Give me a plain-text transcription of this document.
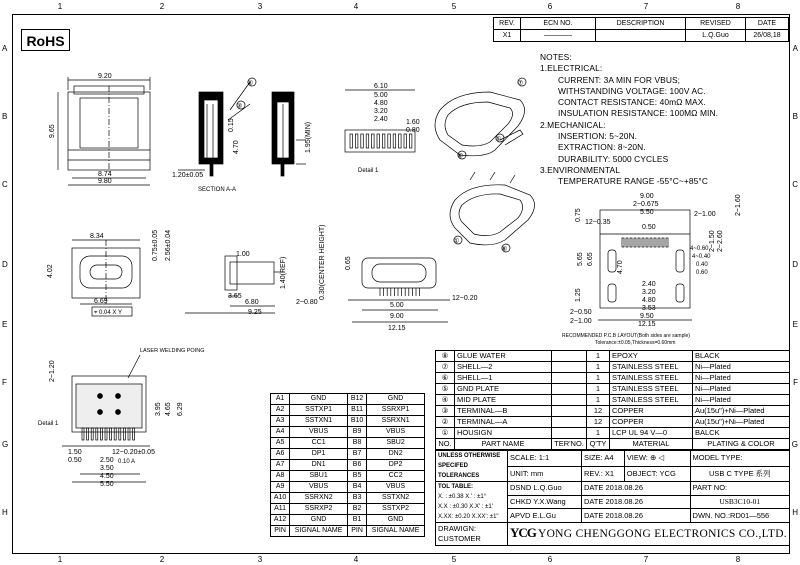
1	2	3	4	5	6	7	8
1	2	3	4	5	6	7	8
A
B
C
D
E
F
G
H
A
B
C
D
E
F
G
H
RoHS
REV.	ECN NO.	DESCRIPTION	REVISED	DATE
X1	————		L.Q.Guo	26/08,18
NOTES:
1.ELECTRICAL:
CURRENT: 3A MIN FOR VBUS;
WITHSTANDING VOLTAGE: 100V AC.
CONTACT RESISTANCE: 40mΩ MAX.
INSULATION RESISTANCE: 100MΩ MIN.
2.MECHANICAL:
INSERTION: 5~20N.
EXTRACTION: 8~20N.
DURABILITY: 5000 CYCLES
3.ENVIRONMENTAL
TEMPERATURE RANGE -55°C~+85°C
9.20
9.65
8.74
9.80
②
③
0.15
4.70
1.20±0.05
SECTION A-A
1.95(MIN)
6.10
5.00
4.80
3.20
2.40	1.60
0.80
Detail 1
⑦
⑤
⑥
①
⑧
8.34	0.75±0.05 2.56±0.04
4.02
6.69
⌖ 0.04 X Y
1.00
1.40(REF)	0.30(CENTER HEIGHT)
3.65
6.80
9.25
2~0.80
0.65
12~0.20
5.00
9.00
12.15
9.00
2~0.675
5.50
0.50
4~0.60
4~0.40
0.75
12~0.35
4.70
5.65 6.65
1.25
2~1.00	2~1.60
2~2.60
2~1.50
0.40
0.60
2.40
3.20
4.80
3.53
9.50
12.15
2~0.50
2~1.00
RECOMMENDED P.C.B LAYOUT(Both sides are sample)
Tolerance:±0.05,Thickness=0.60mm
LASER WELDING POING
2~1.20
3.95 4.65 6.29
1.50	12~0.20±0.05
2.50
3.50
4.50
5.50
0.10 A
0.50
Detail 1
A1	GND	B12	GND
A2	SSTXP1	B11	SSRXP1
A3	SSTXN1	B10	SSRXN1
A4	VBUS	B9	VBUS
A5	CC1	B8	SBU2
A6	DP1	B7	DN2
A7	DN1	B6	DP2
A8	SBU1	B5	CC2
A9	VBUS	B4	VBUS
A10	SSRXN2	B3	SSTXN2
A11	SSRXP2	B2	SSTXP2
A12	GND	B1	GND
PIN	SIGNAL NAME	PIN	SIGNAL NAME
⑧	GLUE WATER		1	EPOXY	BLACK
⑦	SHELL—2		1	STAINLESS STEEL	Ni—Plated
⑥	SHELL—1		1	STAINLESS STEEL	Ni—Plated
⑤	GND PLATE		1	STAINLESS STEEL	Ni—Plated
④	MID PLATE		1	STAINLESS STEEL	Ni—Plated
③	TERMINAL—B		12	COPPER	Au(15u")+Ni—Plated
②	TERMINAL—A		12	COPPER	Au(15u")+Ni—Plated
①	HOUSIGN		1	LCP UL 94 V—0	BALCK
NO.	PART NAME	TER'NO.	Q'TY	MATERIAL	PLATING & COLOR
UNLESS OTHERWISE SPECIFED TOLERANCES	SCALE: 1:1	SIZE: A4	VIEW: ⊕ ◁	MODEL TYPE:
	UNIT: mm	REV.: X1	OBJECT: YCG	USB C TYPE 系列

TOL TABLE:
X. : ±0.38 X.' : ±1°
X.X : ±0.30 X.X' : ±1'
X.XX: ±0.20 X.XX': ±1"	DSND L.Q.Guo	DATE 2018.08.26		PART NO:
	CHKD Y.X.Wang	DATE 2018.08.26		USB3C10-01
	APVD E.L.Gu	DATE 2018.08.26		DWN. NO.:RD01—556

DRAWIGN:
CUSTOMER	YCG YONG CHENGGONG ELECTRONICS CO.,LTD.			
